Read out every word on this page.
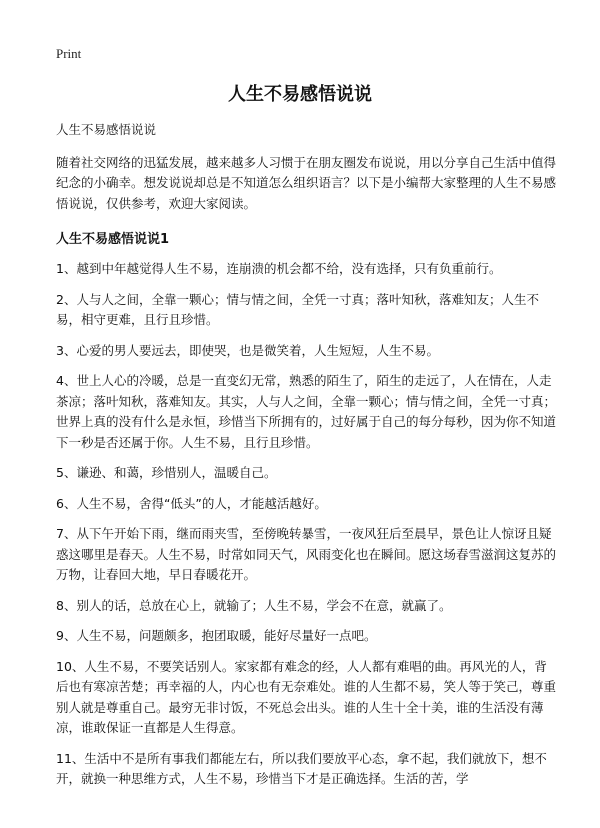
Print
人生不易感悟说说
人生不易感悟说说
随着社交网络的迅猛发展，越来越多人习惯于在朋友圈发布说说，用以分享自己生活中值得纪念的小确幸。想发说说却总是不知道怎么组织语言？以下是小编帮大家整理的人生不易感悟说说，仅供参考，欢迎大家阅读。
人生不易感悟说说1
1、越到中年越觉得人生不易，连崩溃的机会都不给，没有选择，只有负重前行。
2、人与人之间，全靠一颗心；情与情之间，全凭一寸真；落叶知秋，落难知友；人生不易，相守更难，且行且珍惜。
3、心爱的男人要远去，即使哭，也是微笑着，人生短短，人生不易。
4、世上人心的冷暖，总是一直变幻无常，熟悉的陌生了，陌生的走远了，人在情在，人走茶凉；落叶知秋，落难知友。其实，人与人之间，全靠一颗心；情与情之间，全凭一寸真；世界上真的没有什么是永恒，珍惜当下所拥有的，过好属于自己的每分每秒，因为你不知道下一秒是否还属于你。人生不易，且行且珍惜。
5、谦逊、和蔼，珍惜别人，温暖自己。
6、人生不易，舍得“低头”的人，才能越活越好。
7、从下午开始下雨，继而雨夹雪，至傍晚转暴雪，一夜风狂后至晨早，景色让人惊讶且疑惑这哪里是春天。人生不易，时常如同天气，风雨变化也在瞬间。愿这场春雪滋润这复苏的万物，让春回大地，早日春暖花开。
8、别人的话，总放在心上，就输了；人生不易，学会不在意，就赢了。
9、人生不易，问题颇多，抱团取暖，能好尽量好一点吧。
10、人生不易，不要笑话别人。家家都有难念的经，人人都有难唱的曲。再风光的人，背后也有寒凉苦楚；再幸福的人，内心也有无奈难处。谁的人生都不易，笑人等于笑己，尊重别人就是尊重自己。最穷无非讨饭，不死总会出头。谁的人生十全十美，谁的生活没有薄凉，谁敢保证一直都是人生得意。
11、生活中不是所有事我们都能左右，所以我们要放平心态，拿不起，我们就放下，想不开，就换一种思维方式，人生不易，珍惜当下才是正确选择。生活的苦，学
